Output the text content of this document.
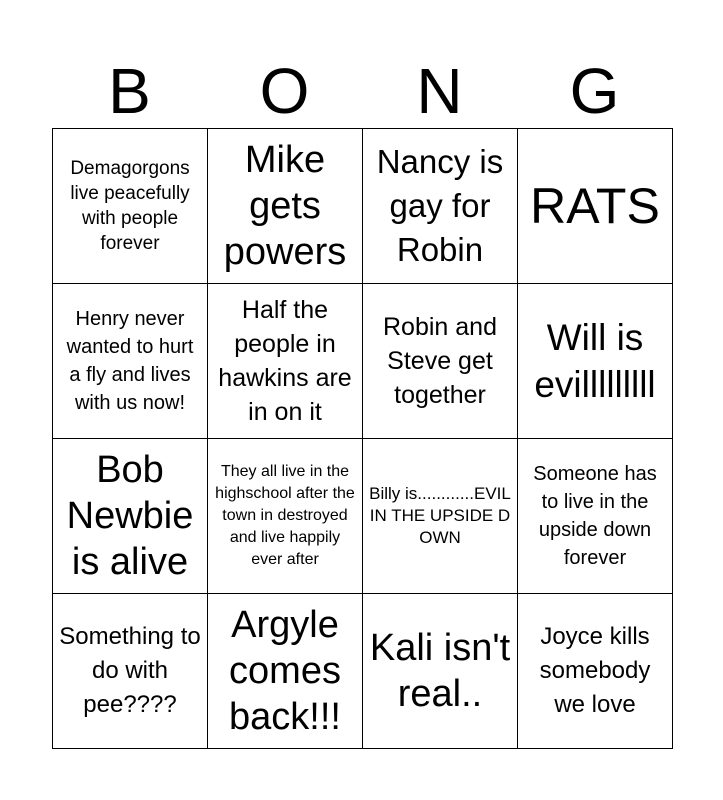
B	O	N	G
Demagorgons live peacefully with people forever	Mike gets powers	Nancy is gay for Robin	RATS
Henry never wanted to hurt a fly and lives with us now!	Half the people in hawkins are in on it	Robin and Steve get together	Will is evilllllllll
Bob Newbie is alive	They all live in the highschool after the town in destroyed and live happily ever after	Billy is............EVIL IN THE UPSIDE DOWN	Someone has to live in the upside down forever
Something to do with pee????	Argyle comes back!!!	Kali isn't real..	Joyce kills somebody we love
